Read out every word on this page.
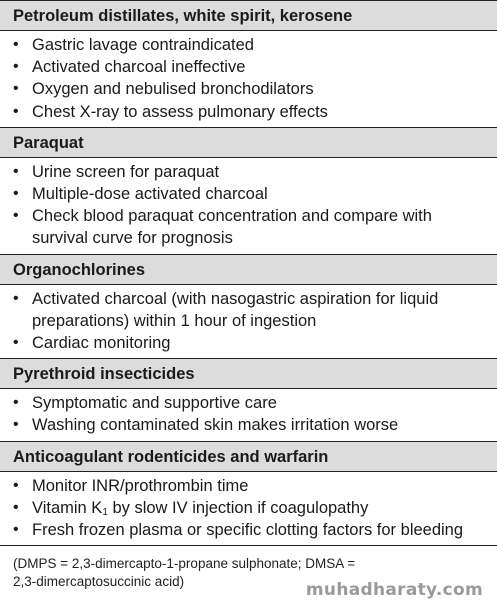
Petroleum distillates, white spirit, kerosene
• Gastric lavage contraindicated
• Activated charcoal ineffective
• Oxygen and nebulised bronchodilators
• Chest X-ray to assess pulmonary effects
Paraquat
• Urine screen for paraquat
• Multiple-dose activated charcoal
• Check blood paraquat concentration and compare with survival curve for prognosis
Organochlorines
• Activated charcoal (with nasogastric aspiration for liquid preparations) within 1 hour of ingestion
• Cardiac monitoring
Pyrethroid insecticides
• Symptomatic and supportive care
• Washing contaminated skin makes irritation worse
Anticoagulant rodenticides and warfarin
• Monitor INR/prothrombin time
• Vitamin $K_1$ by slow IV injection if coagulopathy
• Fresh frozen plasma or specific clotting factors for bleeding
(DMPS = 2,3-dimercapto-1-propane sulphonate; DMSA =
2,3-dimercaptosuccinic acid)	muhadharaty.com
